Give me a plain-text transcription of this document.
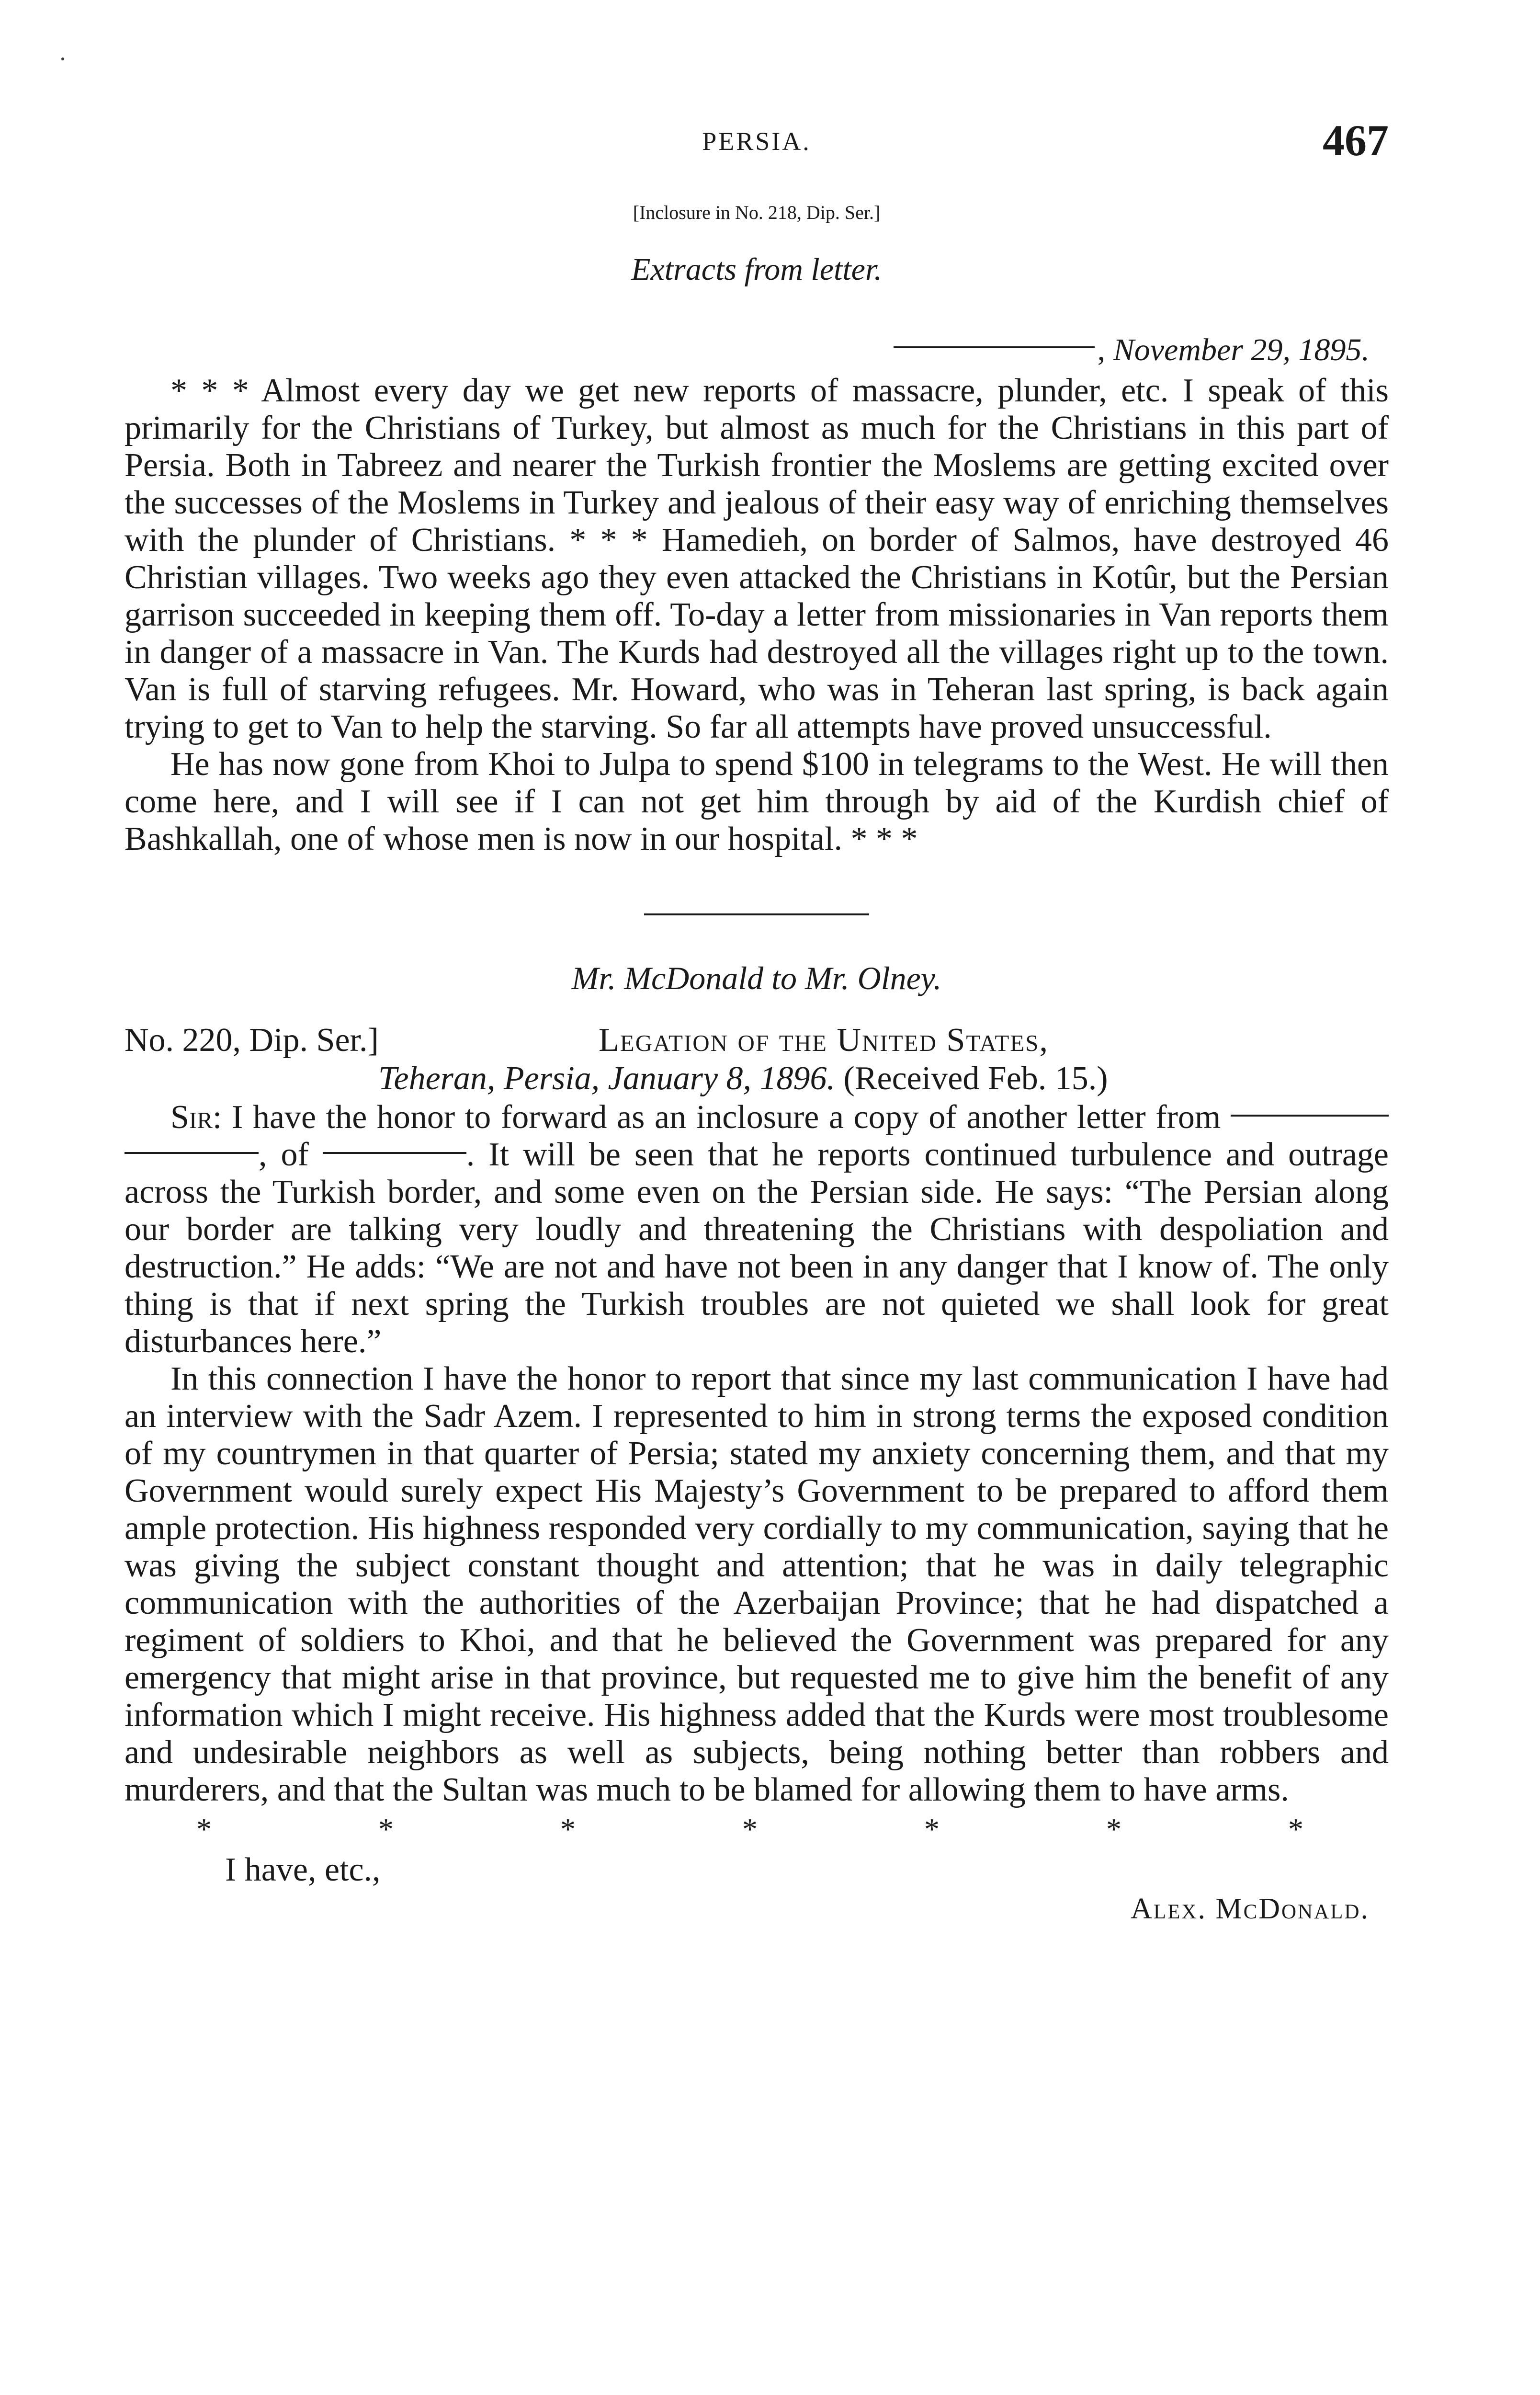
PERSIA.	467
[Inclosure in No. 218, Dip. Ser.]
Extracts from letter.
, November 29, 1895.

* * * Almost every day we get new reports of massacre, plunder, etc. I speak of this primarily for the Christians of Turkey, but almost as much for the Christians in this part of Persia. Both in Tabreez and nearer the Turkish frontier the Moslems are getting excited over the successes of the Moslems in Turkey and jealous of their easy way of enriching themselves with the plunder of Christians. * * * Hamedieh, on border of Salmos, have destroyed 46 Christian villages. Two weeks ago they even attacked the Christians in Kotûr, but the Persian garrison succeeded in keeping them off. To-day a letter from missionaries in Van reports them in danger of a massacre in Van. The Kurds had destroyed all the villages right up to the town. Van is full of starving refugees. Mr. Howard, who was in Teheran last spring, is back again trying to get to Van to help the starving. So far all attempts have proved unsuccessful.

He has now gone from Khoi to Julpa to spend $100 in telegrams to the West. He will then come here, and I will see if I can not get him through by aid of the Kurdish chief of Bashkallah, one of whose men is now in our hospital. * * *

Mr. McDonald to Mr. Olney.
No. 220, Dip. Ser.]	Legation of the United States,
Teheran, Persia, January 8, 1896. (Received Feb. 15.)

Sir: I have the honor to forward as an inclosure a copy of another letter from  , of	. It will be seen that he reports continued turbulence and outrage across the Turkish border, and some even on the Persian side. He says: “The Persian along our border are talking very loudly and threatening the Christians with despoliation and destruction.” He adds: “We are not and have not been in any danger that I know of. The only thing is that if next spring the Turkish troubles are not quieted we shall look for great disturbances here.”

In this connection I have the honor to report that since my last communication I have had an interview with the Sadr Azem. I represented to him in strong terms the exposed condition of my countrymen in that quarter of Persia; stated my anxiety concerning them, and that my Government would surely expect His Majesty’s Government to be prepared to afford them ample protection. His highness responded very cordially to my communication, saying that he was giving the subject constant thought and attention; that he was in daily telegraphic communication with the authorities of the Azerbaijan Province; that he had dispatched a regiment of soldiers to Khoi, and that he believed the Government was prepared for any emergency that might arise in that province, but requested me to give him the benefit of any information which I might receive. His highness added that the Kurds were most troublesome and undesirable neighbors as well as subjects, being nothing better than robbers and murderers, and that the Sultan was much to be blamed for allowing them to have arms.

*	*	*	*	*	*	*
I have, etc.,
Alex. McDonald.
